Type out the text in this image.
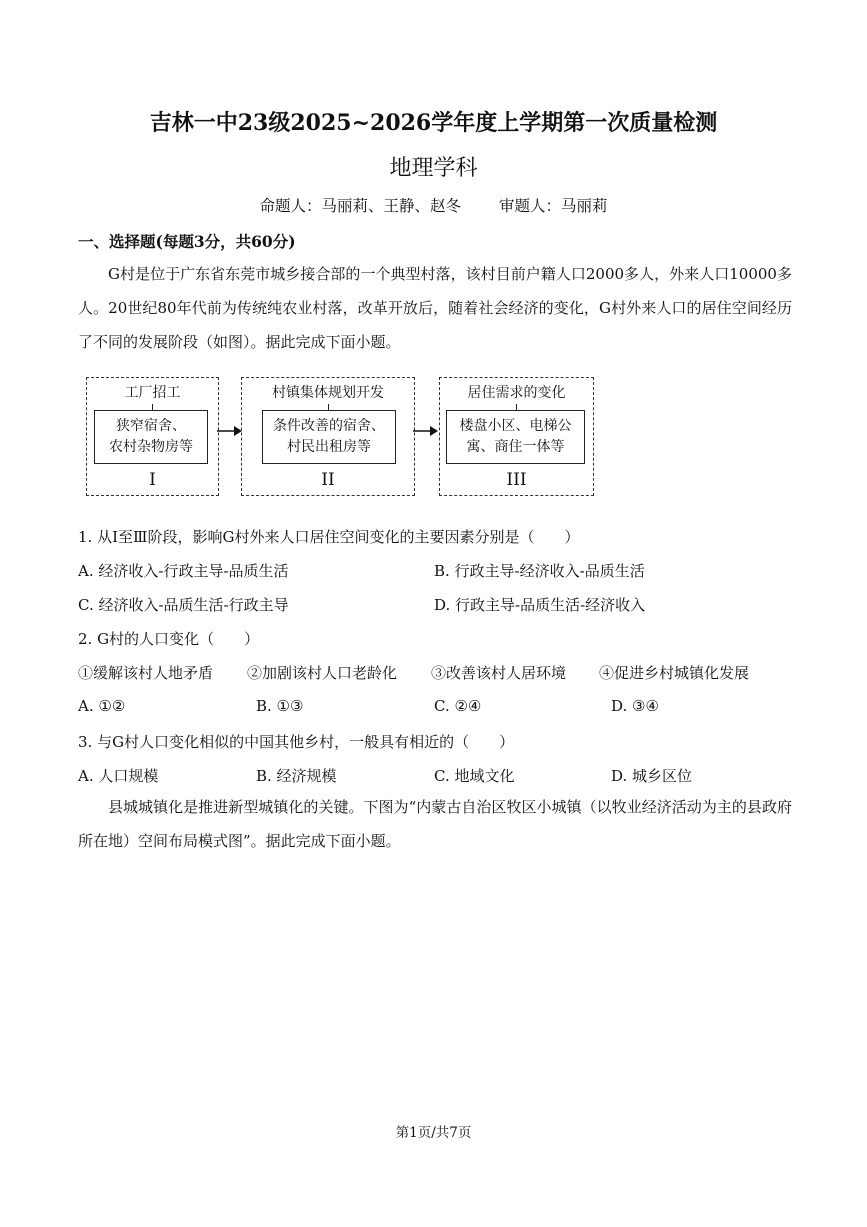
吉林一中23级2025~2026学年度上学期第一次质量检测
地理学科
命题人：马丽莉、王静、赵冬 审题人：马丽莉
一、选择题(每题3分，共60分)
G村是位于广东省东莞市城乡接合部的一个典型村落，该村目前户籍人口2000多人，外来人口10000多人。20世纪80年代前为传统纯农业村落，改革开放后，随着社会经济的变化，G村外来人口的居住空间经历了不同的发展阶段（如图）。据此完成下面小题。
工厂招工
狭窄宿舍、
农村杂物房等
I
村镇集体规划开发
条件改善的宿舍、
村民出租房等
II
居住需求的变化
楼盘小区、电梯公
寓、商住一体等
III
1. 从Ⅰ至Ⅲ阶段，影响G村外来人口居住空间变化的主要因素分别是（　　）
A. 经济收入-行政主导-品质生活	B. 行政主导-经济收入-品质生活
C. 经济收入-品质生活-行政主导	D. 行政主导-品质生活-经济收入
2. G村的人口变化（　　）
①缓解该村人地矛盾 ②加剧该村人口老龄化 ③改善该村人居环境 ④促进乡村城镇化发展
A. ①②	B. ①③	C. ②④	D. ③④
3. 与G村人口变化相似的中国其他乡村，一般具有相近的（　　）
A. 人口规模	B. 经济规模	C. 地域文化	D. 城乡区位
县城城镇化是推进新型城镇化的关键。下图为“内蒙古自治区牧区小城镇（以牧业经济活动为主的县政府所在地）空间布局模式图”。据此完成下面小题。
第1页/共7页
